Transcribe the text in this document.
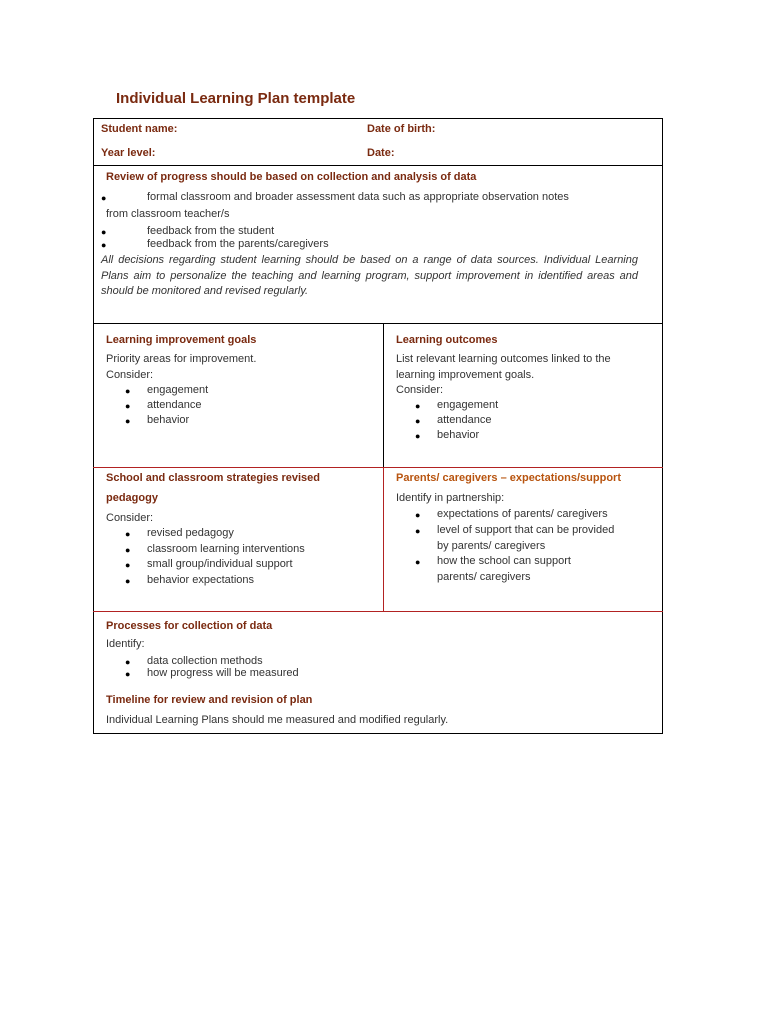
Individual Learning Plan template
Student name:	Date of birth:
Year level:	Date:
Review of progress should be based on collection and analysis of data
●	formal classroom and broader assessment data such as appropriate observation notes
from classroom teacher/s
●	feedback from the student
●	feedback from the parents/caregivers
All decisions regarding student learning should be based on a range of data sources. Individual Learning Plans aim to personalize the teaching and learning program, support improvement in identified areas and should be monitored and revised regularly.
Learning improvement goals
Priority areas for improvement.
Consider:
● engagement
● attendance
● behavior
Learning outcomes
List relevant learning outcomes linked to the
learning improvement goals.
Consider:
● engagement
● attendance
● behavior
School and classroom strategies revised
pedagogy
Consider:
● revised pedagogy
● classroom learning interventions
● small group/individual support
● behavior expectations
Parents/ caregivers – expectations/support
Identify in partnership:
● expectations of parents/ caregivers
● level of support that can be provided
by parents/ caregivers
● how the school can support
parents/ caregivers
Processes for collection of data
Identify:
● data collection methods
● how progress will be measured
Timeline for review and revision of plan
Individual Learning Plans should me measured and modified regularly.
